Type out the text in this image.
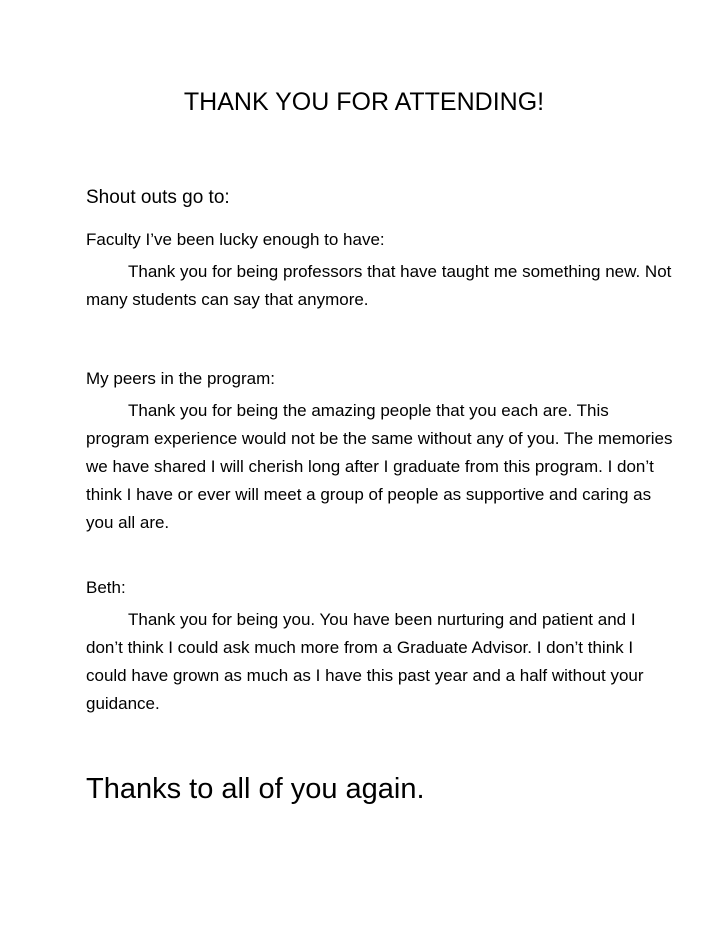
THANK YOU FOR ATTENDING!
Shout outs go to:

Faculty I’ve been lucky enough to have:

Thank you for being professors that have taught me something new. Not many students can say that anymore.

My peers in the program:

Thank you for being the amazing people that you each are. This program experience would not be the same without any of you. The memories we have shared I will cherish long after I graduate from this program. I don’t think I have or ever will meet a group of people as supportive and caring as you all are.

Beth:

Thank you for being you. You have been nurturing and patient and I don’t think I could ask much more from a Graduate Advisor. I don’t think I could have grown as much as I have this past year and a half without your guidance.

Thanks to all of you again.
